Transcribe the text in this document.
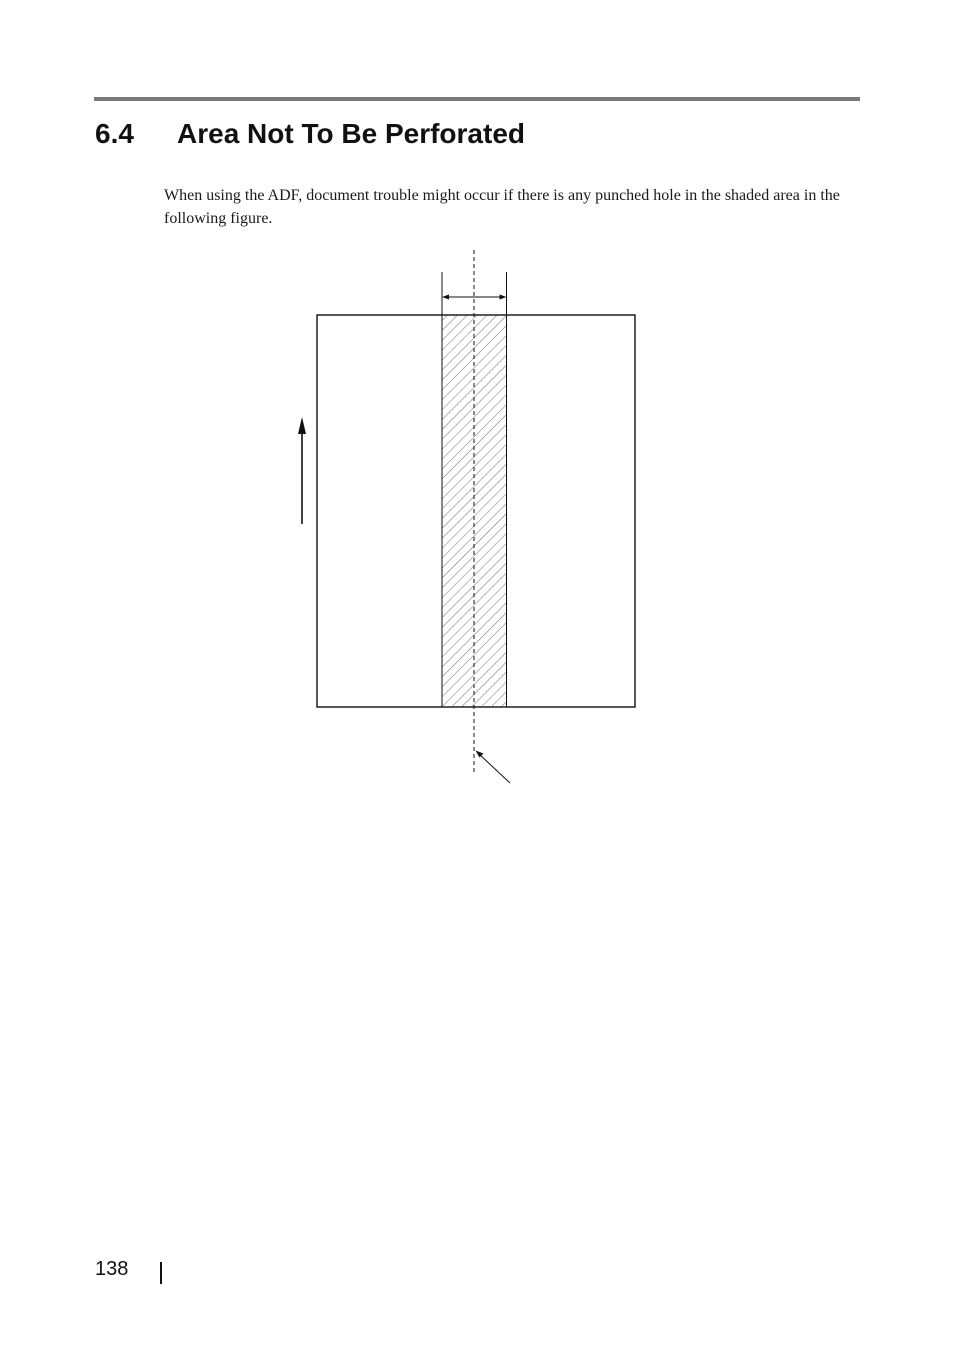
6.4 Area Not To Be Perforated

When using the ADF, document trouble might occur if there is any punched hole in the shaded area in the following figure.

138
